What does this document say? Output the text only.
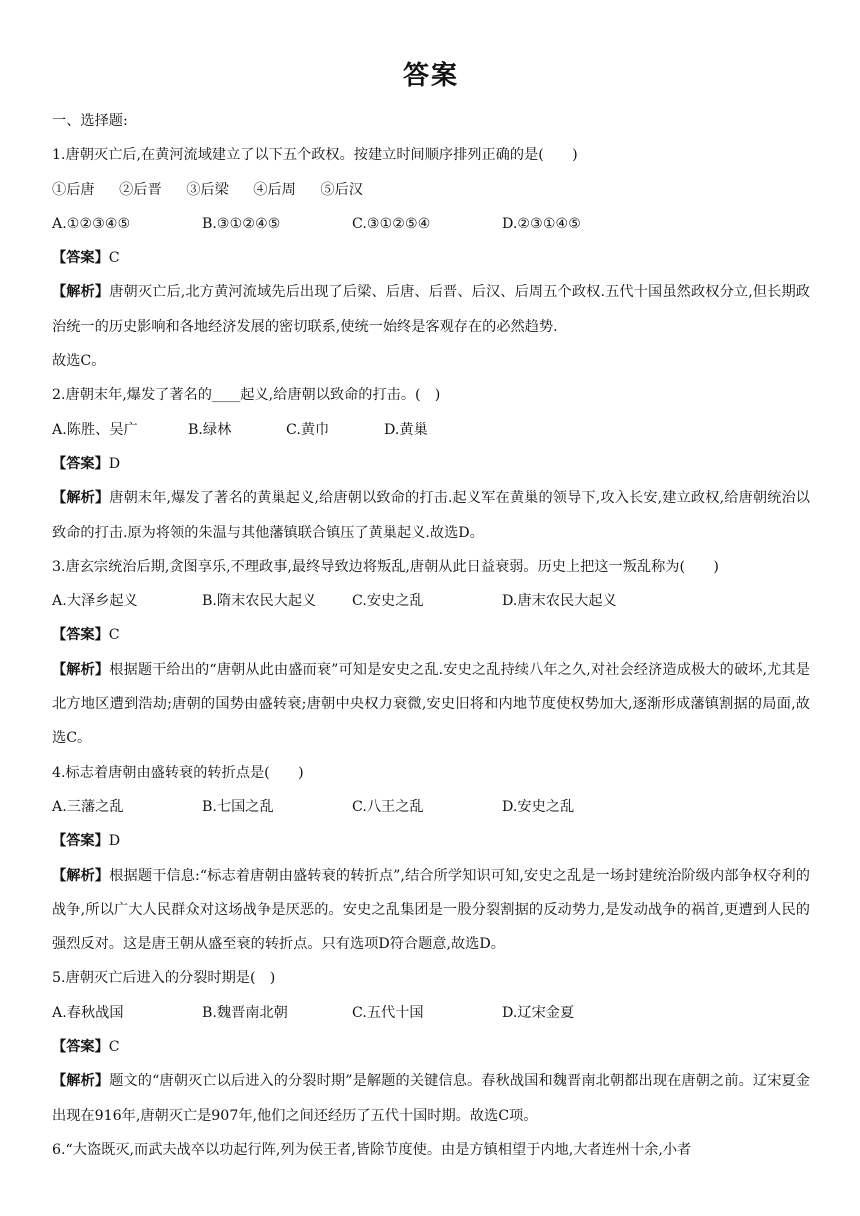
答案
一、选择题:
1.唐朝灭亡后,在黄河流域建立了以下五个政权。按建立时间顺序排列正确的是(　　)
①后唐 ②后晋 ③后梁 ④后周 ⑤后汉
A.①②③④⑤	B.③①②④⑤	C.③①②⑤④	D.②③①④⑤
【答案】C
【解析】唐朝灭亡后,北方黄河流域先后出现了后梁、后唐、后晋、后汉、后周五个政权.五代十国虽然政权分立,但长期政治统一的历史影响和各地经济发展的密切联系,使统一始终是客观存在的必然趋势.
故选C。
2.唐朝末年,爆发了著名的____起义,给唐朝以致命的打击。(　)
A.陈胜、吴广	B.绿林	C.黄巾	D.黄巢
【答案】D
【解析】唐朝末年,爆发了著名的黄巢起义,给唐朝以致命的打击.起义军在黄巢的领导下,攻入长安,建立政权,给唐朝统治以致命的打击.原为将领的朱温与其他藩镇联合镇压了黄巢起义.故选D。
3.唐玄宗统治后期,贪图享乐,不理政事,最终导致边将叛乱,唐朝从此日益衰弱。历史上把这一叛乱称为(　　)
A.大泽乡起义	B.隋末农民大起义	C.安史之乱	D.唐末农民大起义
【答案】C
【解析】根据题干给出的“唐朝从此由盛而衰”可知是安史之乱.安史之乱持续八年之久,对社会经济造成极大的破坏,尤其是北方地区遭到浩劫;唐朝的国势由盛转衰;唐朝中央权力衰微,安史旧将和内地节度使权势加大,逐渐形成藩镇割据的局面,故选C。
4.标志着唐朝由盛转衰的转折点是(　　)
A.三藩之乱	B.七国之乱	C.八王之乱	D.安史之乱
【答案】D
【解析】根据题干信息:“标志着唐朝由盛转衰的转折点”,结合所学知识可知,安史之乱是一场封建统治阶级内部争权夺利的战争,所以广大人民群众对这场战争是厌恶的。安史之乱集团是一股分裂割据的反动势力,是发动战争的祸首,更遭到人民的强烈反对。这是唐王朝从盛至衰的转折点。只有选项D符合题意,故选D。
5.唐朝灭亡后进入的分裂时期是(　)
A.春秋战国	B.魏晋南北朝	C.五代十国	D.辽宋金夏
【答案】C
【解析】题文的“唐朝灭亡以后进入的分裂时期”是解题的关键信息。春秋战国和魏晋南北朝都出现在唐朝之前。辽宋夏金出现在916年,唐朝灭亡是907年,他们之间还经历了五代十国时期。故选C项。
6.“大盗既灭,而武夫战卒以功起行阵,列为侯王者,皆除节度使。由是方镇相望于内地,大者连州十余,小者
